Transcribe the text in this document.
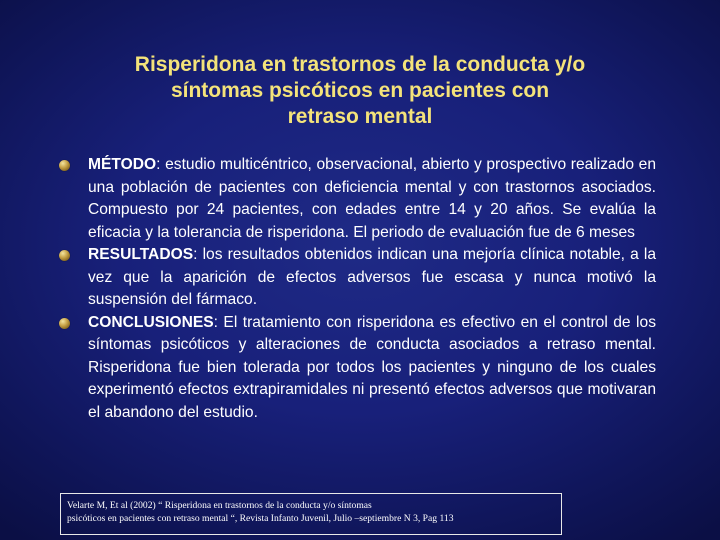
Risperidona en trastornos de la conducta y/o
síntomas psicóticos en pacientes con
retraso mental
MÉTODO: estudio multicéntrico, observacional, abierto y prospectivo realizado en una población de pacientes con deficiencia mental y con trastornos asociados. Compuesto por 24 pacientes, con edades entre 14 y 20 años. Se evalúa la eficacia y la tolerancia de risperidona. El periodo de evaluación fue de 6 meses
RESULTADOS: los resultados obtenidos indican una mejoría clínica notable, a la vez que la aparición de efectos adversos fue escasa y nunca motivó la suspensión del fármaco.
CONCLUSIONES: El tratamiento con risperidona es efectivo en el control de los síntomas psicóticos y alteraciones de conducta asociados a retraso mental. Risperidona fue bien tolerada por todos los pacientes y ninguno de los cuales experimentó efectos extrapiramidales ni presentó efectos adversos que motivaran el abandono del estudio.
Velarte M, Et al (2002) “ Risperidona en trastornos de la conducta y/o síntomas
psicóticos en pacientes con retraso mental “, Revista Infanto Juvenil, Julio –septiembre N 3, Pag 113
